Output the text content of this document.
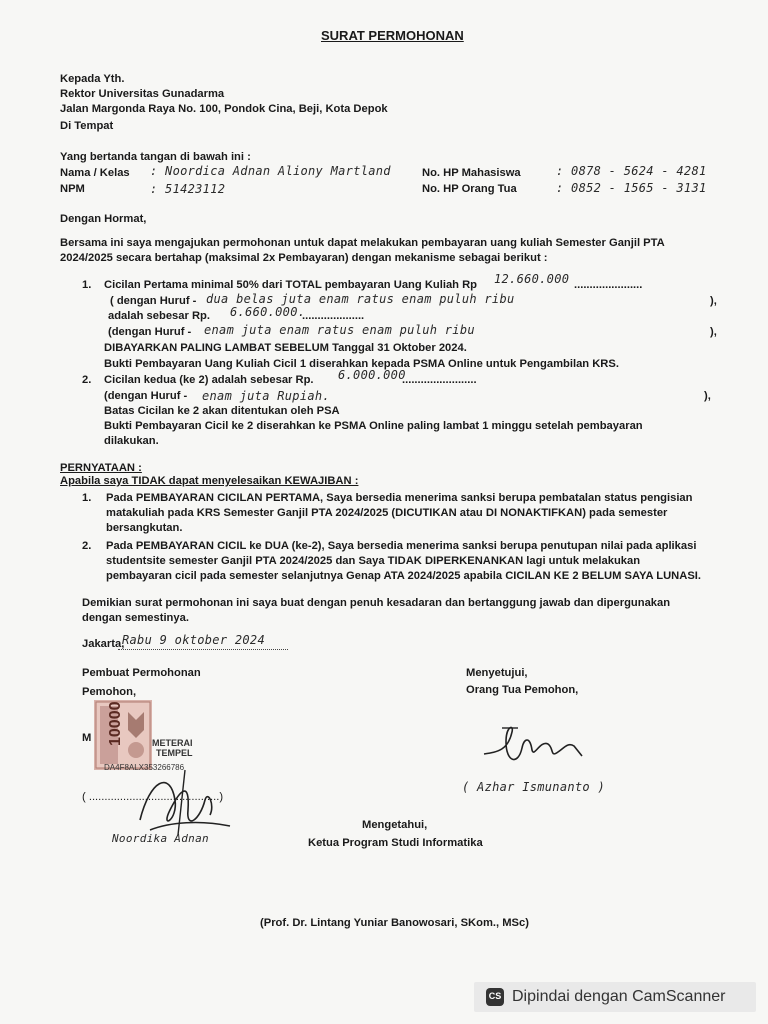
SURAT PERMOHONAN
Kepada Yth.
Rektor Universitas Gunadarma
Jalan Margonda Raya No. 100, Pondok Cina, Beji, Kota Depok
Di Tempat
Yang bertanda tangan di bawah ini :
Nama / Kelas : Noordica Adnan Aliony Martland
NPM	: 51423112
No. HP Mahasiswa	: 0878 - 5624 - 4281
No. HP Orang Tua	: 0852 - 1565 - 3131
Dengan Hormat,
Bersama ini saya mengajukan permohonan untuk dapat melakukan pembayaran uang kuliah Semester Ganjil PTA
2024/2025 secara bertahap (maksimal 2x Pembayaran) dengan mekanisme sebagai berikut :
1. Cicilan Pertama minimal 50% dari TOTAL pembayaran Uang Kuliah Rp 12.660.000 ......................
( dengan Huruf - dua belas juta enam ratus enam puluh ribu	),
adalah sebesar Rp. 6.660.000.
....................
(dengan Huruf - enam juta enam ratus enam puluh ribu	),
DIBAYARKAN PALING LAMBAT SEBELUM Tanggal 31 Oktober 2024.
Bukti Pembayaran Uang Kuliah Cicil 1 diserahkan kepada PSMA Online untuk Pengambilan KRS.
2. Cicilan kedua (ke 2) adalah sebesar Rp. 6.000.000
........................
(dengan Huruf - enam juta Rupiah.	),
Batas Cicilan ke 2 akan ditentukan oleh PSA
Bukti Pembayaran Cicil ke 2 diserahkan ke PSMA Online paling lambat 1 minggu setelah pembayaran
dilakukan.
PERNYATAAN :
Apabila saya TIDAK dapat menyelesaikan KEWAJIBAN :
1. Pada PEMBAYARAN CICILAN PERTAMA, Saya bersedia menerima sanksi berupa pembatalan status pengisian
matakuliah pada KRS Semester Ganjil PTA 2024/2025 (DICUTIKAN atau DI NONAKTIFKAN) pada semester
bersangkutan.
2. Pada PEMBAYARAN CICIL ke DUA (ke-2), Saya bersedia menerima sanksi berupa penutupan nilai pada aplikasi
studentsite semester Ganjil PTA 2024/2025 dan Saya TIDAK DIPERKENANKAN lagi untuk melakukan
pembayaran cicil pada semester selanjutnya Genap ATA 2024/2025 apabila CICILAN KE 2 BELUM SAYA LUNASI.
Demikian surat permohonan ini saya buat dengan penuh kesadaran dan bertanggung jawab dan dipergunakan
dengan semestinya.
Jakarta,
Rabu 9 oktober 2024
Pembuat Permohonan
Pemohon,
M
Menyetujui,
Orang Tua Pemohon,
10000	METERAI
TEMPEL
DA4F8ALX353266786
( ..........................................)
Noordika Adnan
( Azhar Ismunanto )
Mengetahui,
Ketua Program Studi Informatika
(Prof. Dr. Lintang Yuniar Banowosari, SKom., MSc)
CS Dipindai dengan CamScanner
